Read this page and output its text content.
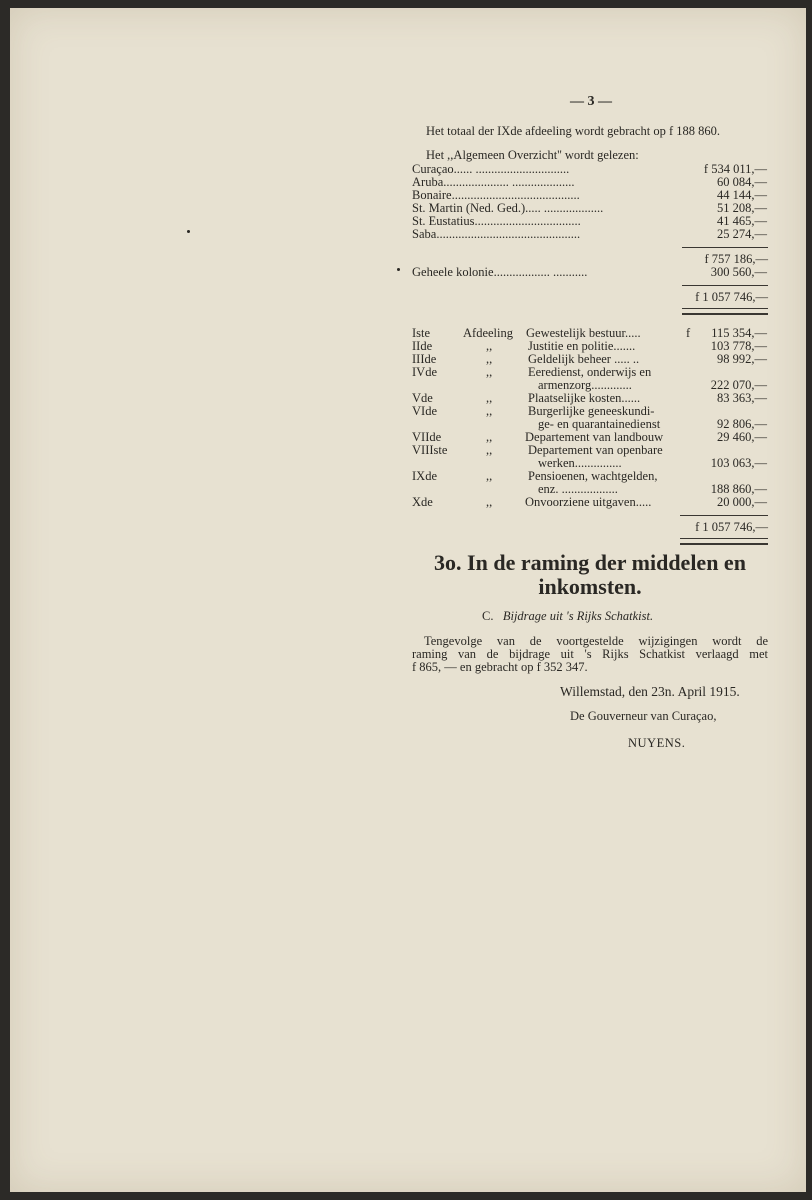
— 3 —
Het totaal der IXde afdeeling wordt gebracht op f 188 860.
Het ,,Algemeen Overzicht'' wordt gelezen:
Curaçao...... ..............................	f 534 011,—
Aruba..................... ....................	60 084,—
Bonaire.........................................	44 144,—
St. Martin (Ned. Ged.)..... ...................	51 208,—
St. Eustatius..................................	41 465,—
Saba..............................................	25 274,—
f 757 186,—
Geheele kolonie.................. ...........	300 560,—
f 1 057 746,—
Iste	Afdeeling Gewestelijk bestuur.....	f 115 354,—
IIde	,,	Justitie en politie.......	103 778,—
IIIde	,,	Geldelijk beheer ..... ..	98 992,—
IVde	,,	Eeredienst, onderwijs en
armenzorg.............	222 070,—
Vde	,,	Plaatselijke kosten......	83 363,—
VIde	,,	Burgerlijke geneeskundi-
ge- en quarantainedienst	92 806,—
VIIde	,,	Departement van landbouw	29 460,—
VIIIste	,,	Departement van openbare
werken...............	103 063,—
IXde	,,	Pensioenen, wachtgelden,
enz. ..................	188 860,—
Xde	,,	Onvoorziene uitgaven.....	20 000,—
f 1 057 746,—
3o. In de raming der middelen en
inkomsten.
C. Bijdrage uit 's Rijks Schatkist.
Tengevolge van de voortgestelde wijzigingen wordt de
raming van de bijdrage uit 's Rijks Schatkist verlaagd met
f 865, — en gebracht op f 352 347.
Willemstad, den 23n. April 1915.
De Gouverneur van Curaçao,
NUYENS.
